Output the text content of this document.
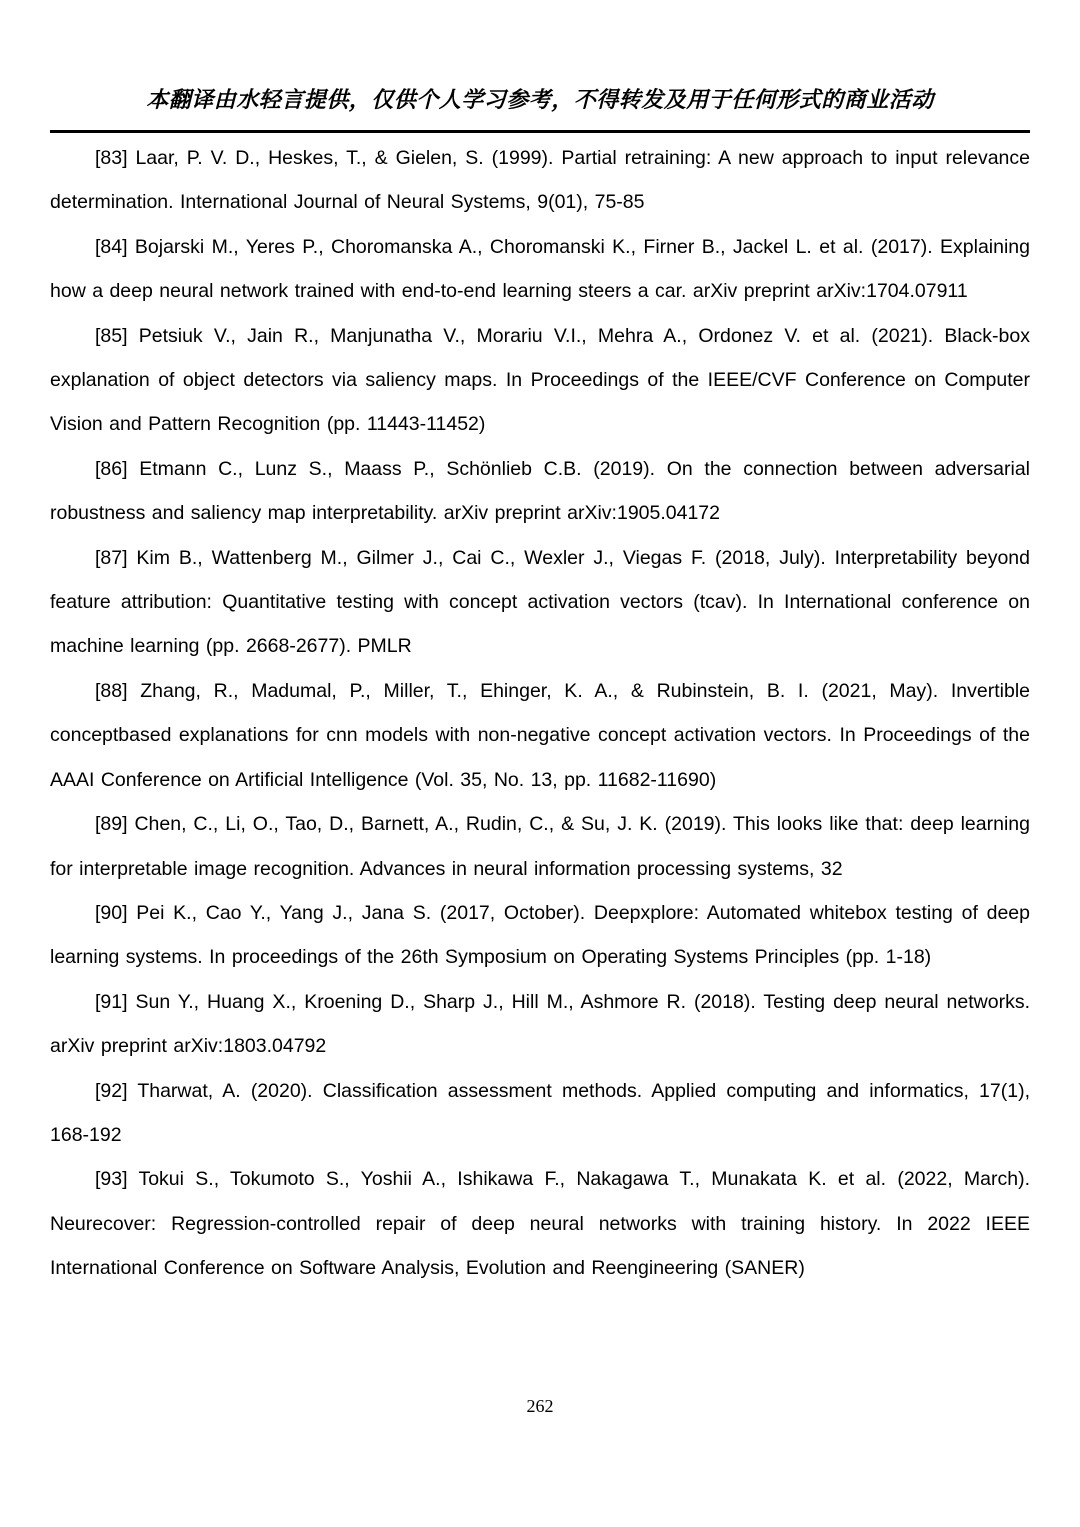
本翻译由水轻言提供，仅供个人学习参考，不得转发及用于任何形式的商业活动

[83] Laar, P. V. D., Heskes, T., & Gielen, S. (1999). Partial retraining: A new approach to input relevance determination. International Journal of Neural Systems, 9(01), 75-85

[84] Bojarski M., Yeres P., Choromanska A., Choromanski K., Firner B., Jackel L. et al. (2017). Explaining how a deep neural network trained with end-to-end learning steers a car. arXiv preprint arXiv:1704.07911

[85] Petsiuk V., Jain R., Manjunatha V., Morariu V.I., Mehra A., Ordonez V. et al. (2021). Black-box explanation of object detectors via saliency maps. In Proceedings of the IEEE/CVF Conference on Computer Vision and Pattern Recognition (pp. 11443-11452)

[86] Etmann C., Lunz S., Maass P., Schönlieb C.B. (2019). On the connection between adversarial robustness and saliency map interpretability. arXiv preprint arXiv:1905.04172

[87] Kim B., Wattenberg M., Gilmer J., Cai C., Wexler J., Viegas F. (2018, July). Interpretability beyond feature attribution: Quantitative testing with concept activation vectors (tcav). In International conference on machine learning (pp. 2668-2677). PMLR

[88] Zhang, R., Madumal, P., Miller, T., Ehinger, K. A., & Rubinstein, B. I. (2021, May). Invertible conceptbased explanations for cnn models with non-negative concept activation vectors. In Proceedings of the AAAI Conference on Artificial Intelligence (Vol. 35, No. 13, pp. 11682-11690)

[89] Chen, C., Li, O., Tao, D., Barnett, A., Rudin, C., & Su, J. K. (2019). This looks like that: deep learning for interpretable image recognition. Advances in neural information processing systems, 32

[90] Pei K., Cao Y., Yang J., Jana S. (2017, October). Deepxplore: Automated whitebox testing of deep learning systems. In proceedings of the 26th Symposium on Operating Systems Principles (pp. 1-18)

[91] Sun Y., Huang X., Kroening D., Sharp J., Hill M., Ashmore R. (2018). Testing deep neural networks. arXiv preprint arXiv:1803.04792

[92] Tharwat, A. (2020). Classification assessment methods. Applied computing and informatics, 17(1), 168-192

[93] Tokui S., Tokumoto S., Yoshii A., Ishikawa F., Nakagawa T., Munakata K. et al. (2022, March). Neurecover: Regression-controlled repair of deep neural networks with training history. In 2022 IEEE International Conference on Software Analysis, Evolution and Reengineering (SANER)

262
